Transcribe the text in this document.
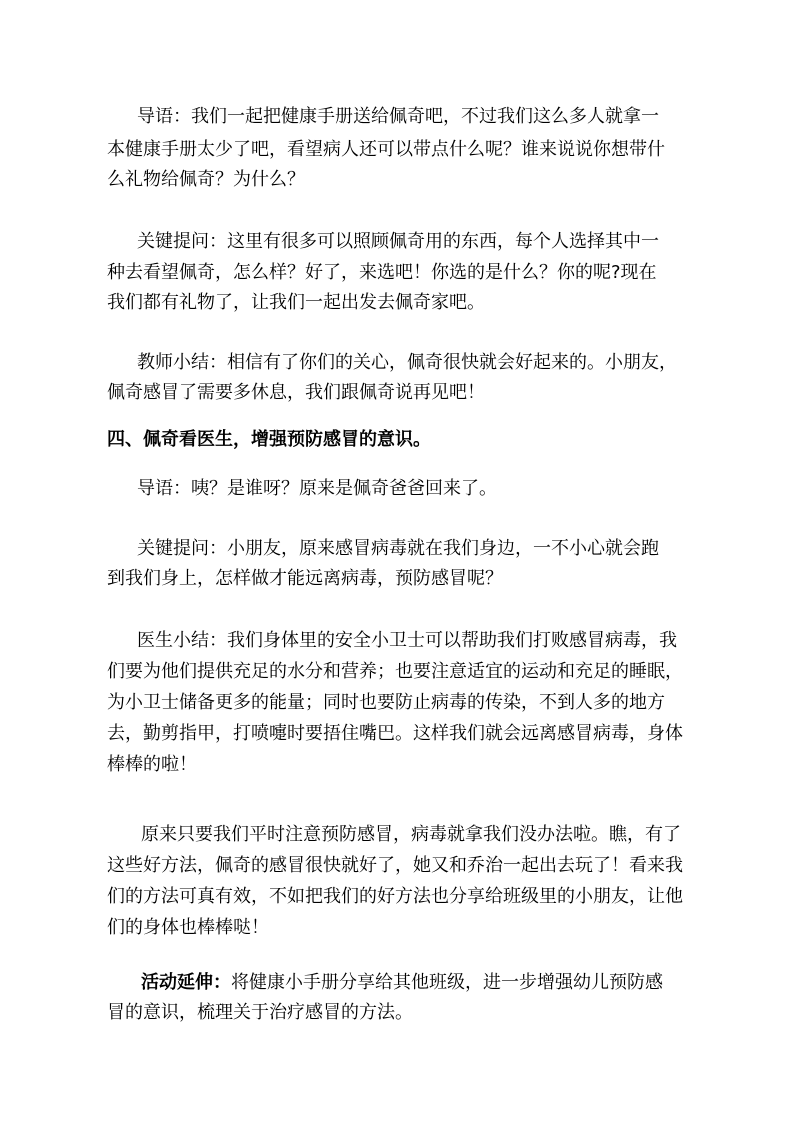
导语：我们一起把健康手册送给佩奇吧，不过我们这么多人就拿一

本健康手册太少了吧，看望病人还可以带点什么呢？谁来说说你想带什

么礼物给佩奇？为什么？

关键提问：这里有很多可以照顾佩奇用的东西，每个人选择其中一

种去看望佩奇，怎么样？好了，来选吧！你选的是什么？你的呢?现在

我们都有礼物了，让我们一起出发去佩奇家吧。

教师小结：相信有了你们的关心，佩奇很快就会好起来的。小朋友，

佩奇感冒了需要多休息，我们跟佩奇说再见吧！

四、佩奇看医生，增强预防感冒的意识。

导语：咦？是谁呀？原来是佩奇爸爸回来了。

关键提问：小朋友，原来感冒病毒就在我们身边，一不小心就会跑

到我们身上，怎样做才能远离病毒，预防感冒呢？

医生小结：我们身体里的安全小卫士可以帮助我们打败感冒病毒，我

们要为他们提供充足的水分和营养；也要注意适宜的运动和充足的睡眠，

为小卫士储备更多的能量；同时也要防止病毒的传染，不到人多的地方

去，勤剪指甲，打喷嚏时要捂住嘴巴。这样我们就会远离感冒病毒，身体

棒棒的啦！

原来只要我们平时注意预防感冒，病毒就拿我们没办法啦。瞧，有了

这些好方法，佩奇的感冒很快就好了，她又和乔治一起出去玩了！看来我

们的方法可真有效，不如把我们的好方法也分享给班级里的小朋友，让他

们的身体也棒棒哒！

活动延伸：将健康小手册分享给其他班级，进一步增强幼儿预防感

冒的意识，梳理关于治疗感冒的方法。
